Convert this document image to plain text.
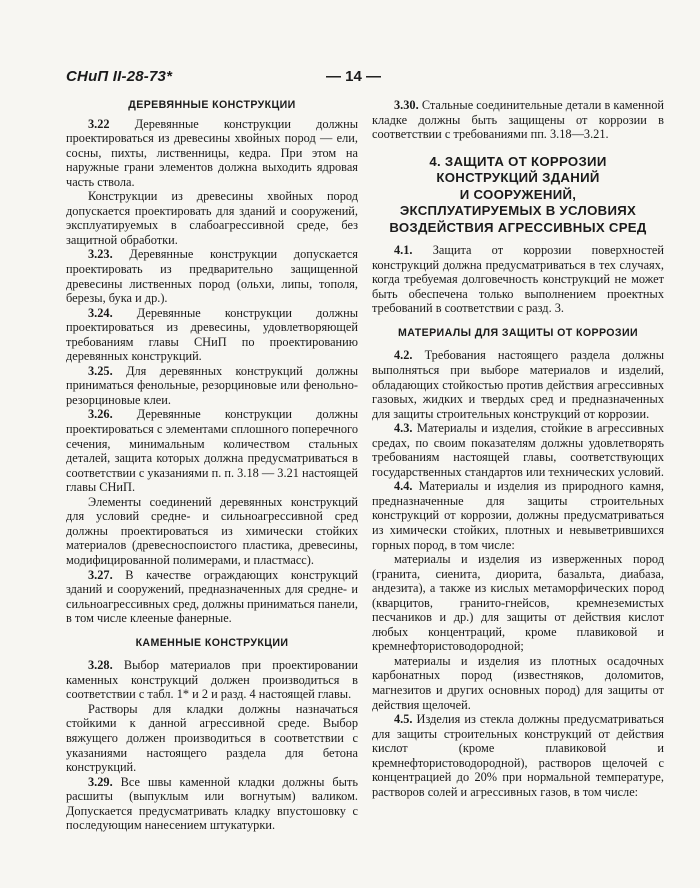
СНиП II-28-73*	— 14 —
ДЕРЕВЯННЫЕ КОНСТРУКЦИИ

3.22 Деревянные конструкции должны проектироваться из древесины хвойных пород — ели, сосны, пихты, лиственницы, кедра. При этом на наружные грани элементов должна выходить ядровая часть ствола.

Конструкции из древесины хвойных пород допускается проектировать для зданий и сооружений, эксплуатируемых в слабоагрессивной среде, без защитной обработки.

3.23. Деревянные конструкции допускается проектировать из предварительно защищенной древесины лиственных пород (ольхи, липы, тополя, березы, бука и др.).

3.24. Деревянные конструкции должны проектироваться из древесины, удовлетворяющей требованиям главы СНиП по проектированию деревянных конструкций.

3.25. Для деревянных конструкций должны приниматься фенольные, резорциновые или фенольно-резорциновые клеи.

3.26. Деревянные конструкции должны проектироваться с элементами сплошного поперечного сечения, минимальным количеством стальных деталей, защита которых должна предусматриваться в соответствии с указаниями п. п. 3.18 — 3.21 настоящей главы СНиП.

Элементы соединений деревянных конструкций для условий средне- и сильноагрессивной сред должны проектироваться из химически стойких материалов (древесноспоистого пластика, древесины, модифицированной полимерами, и пластмасс).

3.27. В качестве ограждающих конструкций зданий и сооружений, предназначенных для средне- и сильноагрессивных сред, должны приниматься панели, в том числе клееные фанерные.

КАМЕННЫЕ КОНСТРУКЦИИ

3.28. Выбор материалов при проектировании каменных конструкций должен производиться в соответствии с табл. 1* и 2 и разд. 4 настоящей главы.

Растворы для кладки должны назначаться стойкими к данной агрессивной среде. Выбор вяжущего должен производиться в соответствии с указаниями настоящего раздела для бетона конструкций.

3.29. Все швы каменной кладки должны быть расшиты (выпуклым или вогнутым) валиком. Допускается предусматривать кладку впустошовку с последующим нанесением штукатурки.

3.30. Стальные соединительные детали в каменной кладке должны быть защищены от коррозии в соответствии с требованиями пп. 3.18—3.21.

4. ЗАЩИТА ОТ КОРРОЗИИ
КОНСТРУКЦИЙ ЗДАНИЙ
И СООРУЖЕНИЙ,
ЭКСПЛУАТИРУЕМЫХ В УСЛОВИЯХ
ВОЗДЕЙСТВИЯ АГРЕССИВНЫХ СРЕД

4.1. Защита от коррозии поверхностей конструкций должна предусматриваться в тех случаях, когда требуемая долговечность конструкций не может быть обеспечена только выполнением проектных требований в соответствии с разд. 3.

МАТЕРИАЛЫ ДЛЯ ЗАЩИТЫ ОТ КОРРОЗИИ

4.2. Требования настоящего раздела должны выполняться при выборе материалов и изделий, обладающих стойкостью против действия агрессивных газовых, жидких и твердых сред и предназначенных для защиты строительных конструкций от коррозии.

4.3. Материалы и изделия, стойкие в агрессивных средах, по своим показателям должны удовлетворять требованиям настоящей главы, соответствующих государственных стандартов или технических условий.

4.4. Материалы и изделия из природного камня, предназначенные для защиты строительных конструкций от коррозии, должны предусматриваться из химически стойких, плотных и невыветрившихся горных пород, в том числе:

материалы и изделия из изверженных пород (гранита, сиенита, диорита, базальта, диабаза, андезита), а также из кислых метаморфических пород (кварцитов, гранито-гнейсов, кремнеземистых песчаников и др.) для защиты от действия кислот любых концентраций, кроме плавиковой и кремнефтористоводородной;

материалы и изделия из плотных осадочных карбонатных пород (известняков, доломитов, магнезитов и других основных пород) для защиты от действия щелочей.

4.5. Изделия из стекла должны предусматриваться для защиты строительных конструкций от действия кислот (кроме плавиковой и кремнефтористоводородной), растворов щелочей с концентрацией до 20% при нормальной температуре, растворов солей и агрессивных газов, в том числе:
